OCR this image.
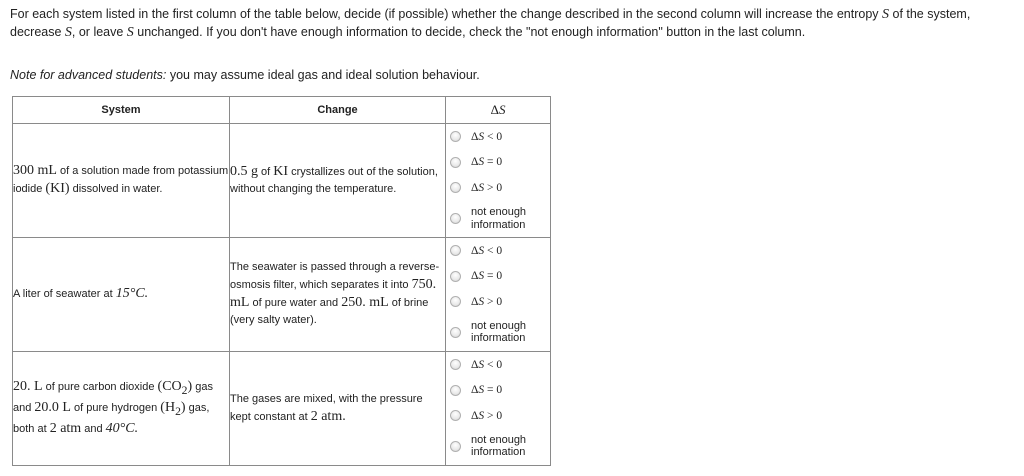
For each system listed in the first column of the table below, decide (if possible) whether the change described in the second column will increase the entropy S of the system, decrease S, or leave S unchanged. If you don't have enough information to decide, check the "not enough information" button in the last column.
Note for advanced students: you may assume ideal gas and ideal solution behaviour.
System	Change	ΔS
300 mL of a solution made from potassium iodide (KI) dissolved in water.	0.5 g of KI crystallizes out of the solution, without changing the temperature.	ΔS < 0
ΔS = 0
ΔS > 0
not enough
information

A liter of seawater at 15°C.	The seawater is passed through a reverse-osmosis filter, which separates it into 750. mL of pure water and 250. mL of brine (very salty water).	ΔS < 0
ΔS = 0
ΔS > 0
not enough
information

20. L of pure carbon dioxide $(CO_2)$ gas and 20.0 L of pure hydrogen $(H_2)$ gas, both at 2 atm and 40°C.	The gases are mixed, with the pressure kept constant at 2 atm.	ΔS < 0
ΔS = 0
ΔS > 0
not enough
information
